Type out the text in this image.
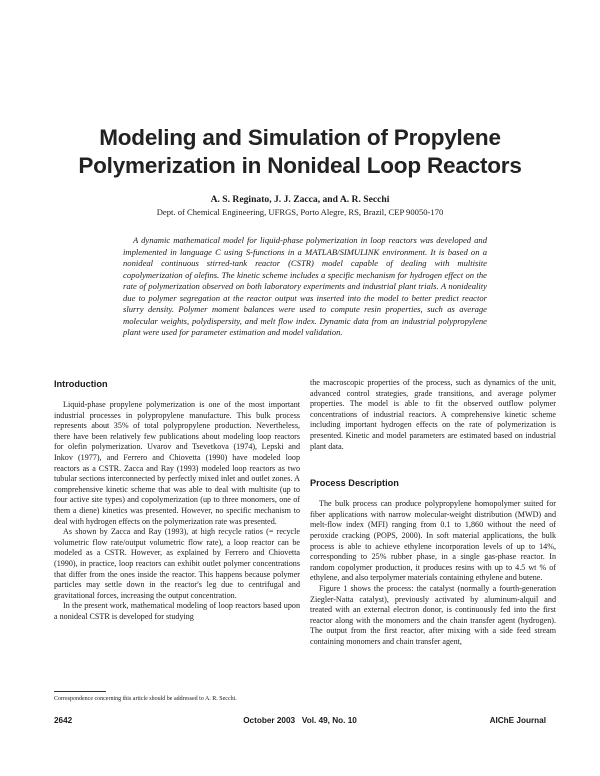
Modeling and Simulation of Propylene
Polymerization in Nonideal Loop Reactors
A. S. Reginato, J. J. Zacca, and A. R. Secchi
Dept. of Chemical Engineering, UFRGS, Porto Alegre, RS, Brazil, CEP 90050-170

A dynamic mathematical model for liquid-phase polymerization in loop reactors was developed and implemented in language C using S-functions in a MATLAB/SIMULINK environment. It is based on a nonideal continuous stirred-tank reactor (CSTR) model capable of dealing with multisite copolymerization of olefins. The kinetic scheme includes a specific mechanism for hydrogen effect on the rate of polymerization observed on both laboratory experiments and industrial plant trials. A nonideality due to polymer segregation at the reactor output was inserted into the model to better predict reactor slurry density. Polymer moment balances were used to compute resin properties, such as average molecular weights, polydispersity, and melt flow index. Dynamic data from an industrial polypropylene plant were used for parameter estimation and model validation.

Introduction

Liquid-phase propylene polymerization is one of the most important industrial processes in polypropylene manufacture. This bulk process represents about 35% of total polypropylene production. Nevertheless, there have been relatively few publications about modeling loop reactors for olefin polymerization. Uvarov and Tsevetkova (1974), Lepski and Inkov (1977), and Ferrero and Chiovetta (1990) have modeled loop reactors as a CSTR. Zacca and Ray (1993) modeled loop reactors as two tubular sections interconnected by perfectly mixed inlet and outlet zones. A comprehensive kinetic scheme that was able to deal with multisite (up to four active site types) and copolymerization (up to three monomers, one of them a diene) kinetics was presented. However, no specific mechanism to deal with hydrogen effects on the polymerization rate was presented.

As shown by Zacca and Ray (1993), at high recycle ratios (= recycle volumetric flow rate/output volumetric flow rate), a loop reactor can be modeled as a CSTR. However, as explained by Ferrero and Chiovetta (1990), in practice, loop reactors can exhibit outlet polymer concentrations that differ from the ones inside the reactor. This happens because polymer particles may settle down in the reactor's leg due to centrifugal and gravitational forces, increasing the output concentration.

In the present work, mathematical modeling of loop reactors based upon a nonideal CSTR is developed for studying

the macroscopic properties of the process, such as dynamics of the unit, advanced control strategies, grade transitions, and average polymer properties. The model is able to fit the observed outflow polymer concentrations of industrial reactors. A comprehensive kinetic scheme including important hydrogen effects on the rate of polymerization is presented. Kinetic and model parameters are estimated based on industrial plant data.

Process Description

The bulk process can produce polypropylene homopolymer suited for fiber applications with narrow molecular-weight distribution (MWD) and melt-flow index (MFI) ranging from 0.1 to 1,860 without the need of peroxide cracking (POPS, 2000). In soft material applications, the bulk process is able to achieve ethylene incorporation levels of up to 14%, corresponding to 25% rubber phase, in a single gas-phase reactor. In random copolymer production, it produces resins with up to 4.5 wt % of ethylene, and also terpolymer materials containing ethylene and butene.

Figure 1 shows the process: the catalyst (normally a fourth-generation Ziegler-Natta catalyst), previously activated by aluminum-alquil and treated with an external electron donor, is continuously fed into the first reactor along with the monomers and the chain transfer agent (hydrogen). The output from the first reactor, after mixing with a side feed stream containing monomers and chain transfer agent,

Correspondence concerning this article should be addressed to A. R. Secchi.
2642	October 2003   Vol. 49, No. 10	AIChE Journal
